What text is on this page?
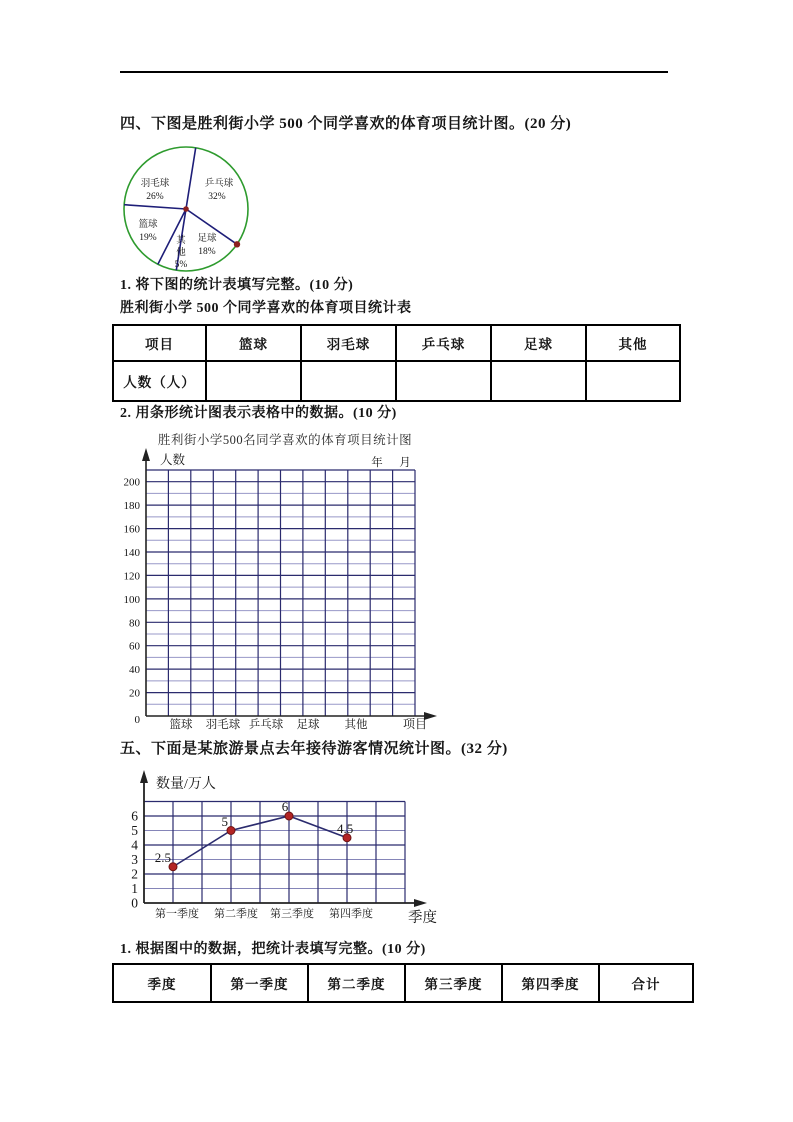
四、下图是胜利街小学 500 个同学喜欢的体育项目统计图。(20 分)
羽毛球
26%
乒乓球
32%
篮球
19%	足球
18%
其
他
5%
1. 将下图的统计表填写完整。(10 分)
胜利街小学 500 个同学喜欢的体育项目统计表
项目	篮球	羽毛球	乒乓球	足球	其他
人数（人）					
2. 用条形统计图表示表格中的数据。(10 分)
胜利街小学500名同学喜欢的体育项目统计图
人数	年 月
0
20
40
60
80
100
120
140
160
180
200
篮球 羽毛球 乒乓球 足球 其他	项目
五、下面是某旅游景点去年接待游客情况统计图。(32 分)
2.5
5
6
4.5
数量/万人
0
1
2
3
4
5
6
第一季度 第二季度 第三季度 第四季度 季度
1. 根据图中的数据，把统计表填写完整。(10 分)
季度	第一季度	第二季度	第三季度	第四季度	合计
